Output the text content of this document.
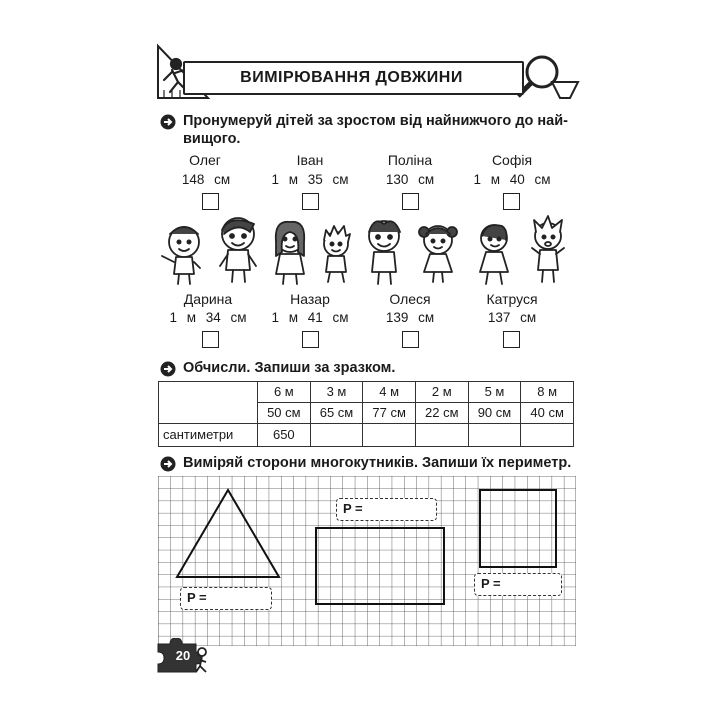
ВИМІРЮВАННЯ ДОВЖИНИ
Пронумеруй дітей за зростом від найнижчого до най-
вищого.
Олег	Іван	Поліна	Софія
148 см	1 м 35 см	130 см	1 м 40 см
Дарина	Назар	Олеся	Катруся
1 м 34 см	1 м 41 см	139 см	137 см
Обчисли. Запиши за зразком.
	6 м	3 м	4 м	2 м	5 м	8 м
	50 см	65 см	77 см	22 см	90 см	40 см
сантиметри	650					
Виміряй сторони многокутників. Запиши їх периметр.
P =
P =
P =
20
